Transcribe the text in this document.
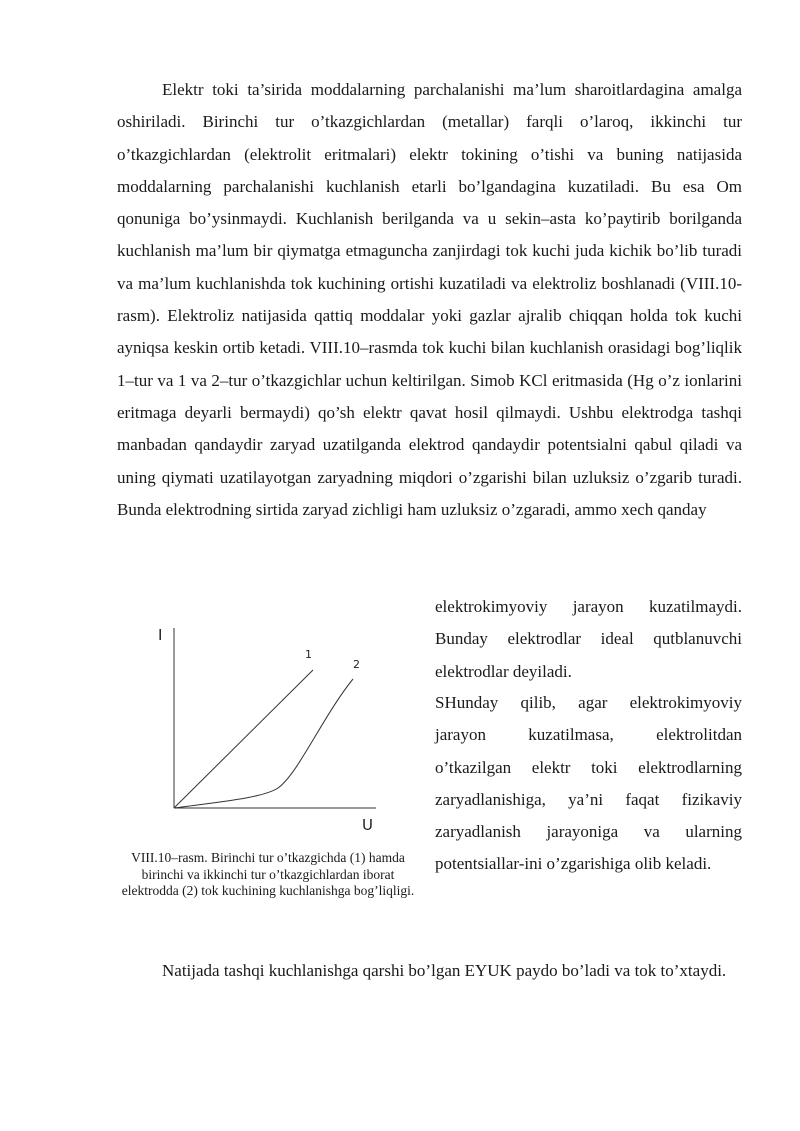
Elektr toki ta’sirida moddalarning parchalanishi ma’lum sharoitlardagina amalga oshiriladi. Birinchi tur o’tkazgichlardan (metallar) farqli o’laroq, ikkinchi tur o’tkazgichlardan (elektrolit eritmalari) elektr tokining o’tishi va buning natijasida moddalarning parchalanishi kuchlanish etarli bo’lgandagina kuzatiladi. Bu esa Om qonuniga bo’ysinmaydi. Kuchlanish berilganda va u sekin–asta ko’paytirib borilganda kuchlanish ma’lum bir qiymatga etmaguncha zanjirdagi tok kuchi juda kichik bo’lib turadi va ma’lum kuchlanishda tok kuchining ortishi kuzatiladi va elektroliz boshlanadi (VIII.10-rasm). Elektroliz natijasida qattiq moddalar yoki gazlar ajralib chiqqan holda tok kuchi ayniqsa keskin ortib ketadi. VIII.10–rasmda tok kuchi bilan kuchlanish orasidagi bog’liqlik 1–tur va 1 va 2–tur o’tkazgichlar uchun keltirilgan. Simob KCl eritmasida (Hg o’z ionlarini eritmaga deyarli bermaydi) qo’sh elektr qavat hosil qilmaydi. Ushbu elektrodga tashqi manbadan qandaydir zaryad uzatilganda elektrod qandaydir potentsialni qabul qiladi va uning qiymati uzatilayotgan zaryadning miqdori o’zgarishi bilan uzluksiz o’zgarib turadi. Bunda elektrodning sirtida zaryad zichligi ham uzluksiz o’zgaradi, ammo xech qanday

I
U
1
2

VIII.10–rasm. Birinchi tur o’tkazgichda (1) hamda birinchi va ikkinchi tur o’tkazgichlardan iborat elektrodda (2) tok kuchining kuchlanishga bog’liqligi.

elektrokimyoviy jarayon kuzatilmaydi. Bunday elektrodlar ideal qutblanuvchi elektrodlar deyiladi.

SHunday qilib, agar elektrokimyoviy jarayon kuzatilmasa, elektrolitdan o’tkazilgan elektr toki elektrodlarning zaryadlanishiga, ya’ni faqat fizikaviy zaryadlanish jarayoniga va ularning potentsiallar-ini o’zgarishiga olib keladi.

Natijada tashqi kuchlanishga qarshi bo’lgan EYUK paydo bo’ladi va tok to’xtaydi.
